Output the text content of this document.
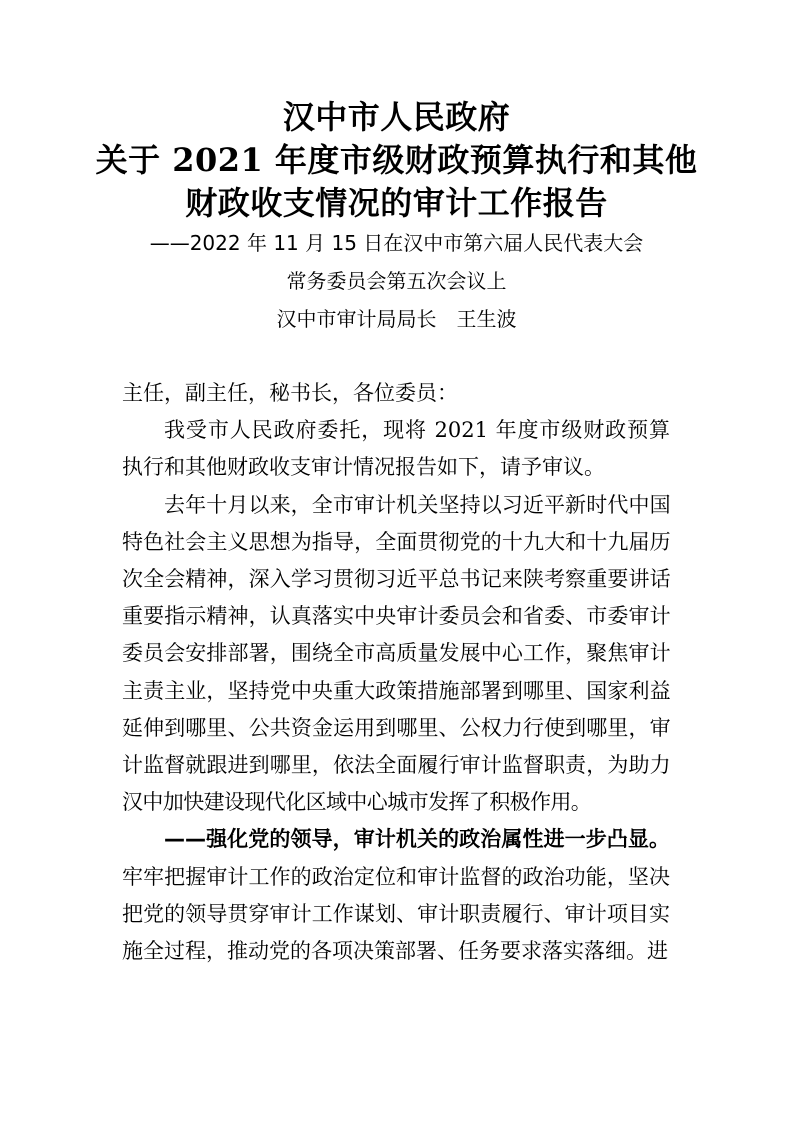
汉中市人民政府
关于 2021 年度市级财政预算执行和其他
财政收支情况的审计工作报告
——2022 年 11 月 15 日在汉中市第六届人民代表大会
常务委员会第五次会议上
汉中市审计局局长　王生波

主任，副主任，秘书长，各位委员：

我受市人民政府委托，现将 2021 年度市级财政预算执行和其他财政收支审计情况报告如下，请予审议。

去年十月以来，全市审计机关坚持以习近平新时代中国特色社会主义思想为指导，全面贯彻党的十九大和十九届历次全会精神，深入学习贯彻习近平总书记来陕考察重要讲话重要指示精神，认真落实中央审计委员会和省委、市委审计委员会安排部署，围绕全市高质量发展中心工作，聚焦审计主责主业，坚持党中央重大政策措施部署到哪里、国家利益延伸到哪里、公共资金运用到哪里、公权力行使到哪里，审计监督就跟进到哪里，依法全面履行审计监督职责，为助力汉中加快建设现代化区域中心城市发挥了积极作用。

——强化党的领导，审计机关的政治属性进一步凸显。牢牢把握审计工作的政治定位和审计监督的政治功能，坚决把党的领导贯穿审计工作谋划、审计职责履行、审计项目实施全过程，推动党的各项决策部署、任务要求落实落细。进
